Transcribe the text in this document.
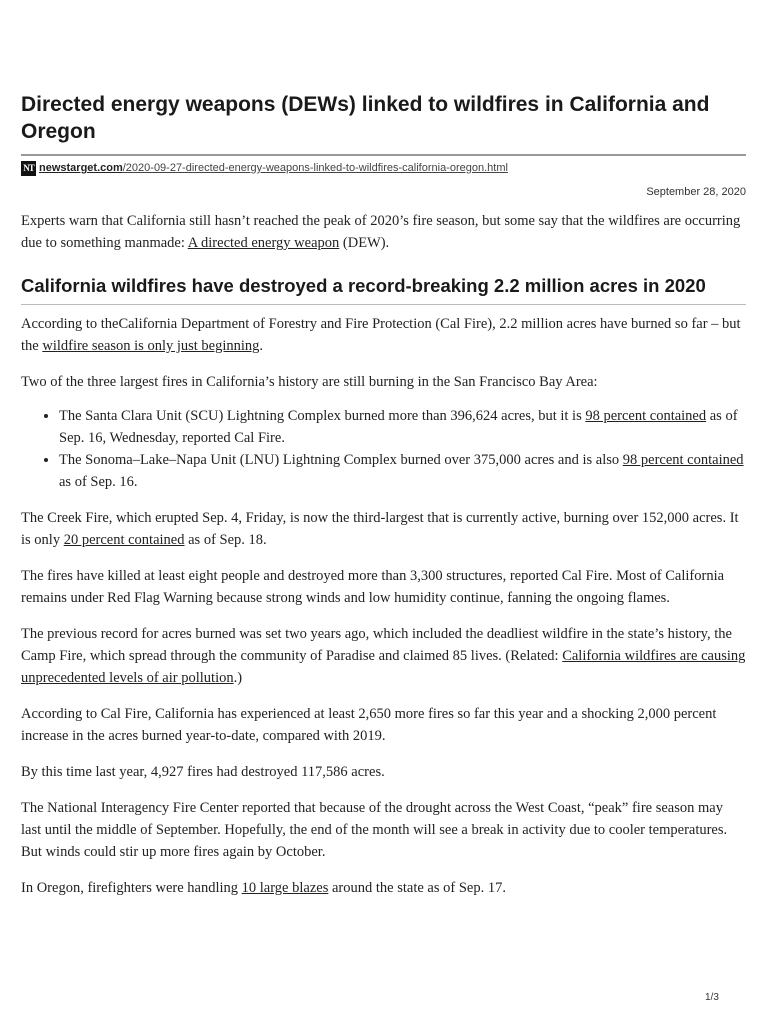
Directed energy weapons (DEWs) linked to wildfires in California and Oregon
NT newstarget.com /2020-09-27-directed-energy-weapons-linked-to-wildfires-california-oregon.html
September 28, 2020

Experts warn that California still hasn’t reached the peak of 2020’s fire season, but some say that the wildfires are occurring due to something manmade: A directed energy weapon (DEW).

California wildfires have destroyed a record-breaking 2.2 million acres in 2020

According to theCalifornia Department of Forestry and Fire Protection (Cal Fire), 2.2 million acres have burned so far – but the wildfire season is only just beginning.

Two of the three largest fires in California’s history are still burning in the San Francisco Bay Area:

• The Santa Clara Unit (SCU) Lightning Complex burned more than 396,624 acres, but it is 98 percent contained as of Sep. 16, Wednesday, reported Cal Fire.
• The Sonoma–Lake–Napa Unit (LNU) Lightning Complex burned over 375,000 acres and is also 98 percent contained as of Sep. 16.

The Creek Fire, which erupted Sep. 4, Friday, is now the third-largest that is currently active, burning over 152,000 acres. It is only 20 percent contained as of Sep. 18.

The fires have killed at least eight people and destroyed more than 3,300 structures, reported Cal Fire. Most of California remains under Red Flag Warning because strong winds and low humidity continue, fanning the ongoing flames.

The previous record for acres burned was set two years ago, which included the deadliest wildfire in the state’s history, the Camp Fire, which spread through the community of Paradise and claimed 85 lives. (Related: California wildfires are causing unprecedented levels of air pollution.)

According to Cal Fire, California has experienced at least 2,650 more fires so far this year and a shocking 2,000 percent increase in the acres burned year-to-date, compared with 2019.

By this time last year, 4,927 fires had destroyed 117,586 acres.

The National Interagency Fire Center reported that because of the drought across the West Coast, “peak” fire season may last until the middle of September. Hopefully, the end of the month will see a break in activity due to cooler temperatures. But winds could stir up more fires again by October.

In Oregon, firefighters were handling 10 large blazes around the state as of Sep. 17.

1/3
